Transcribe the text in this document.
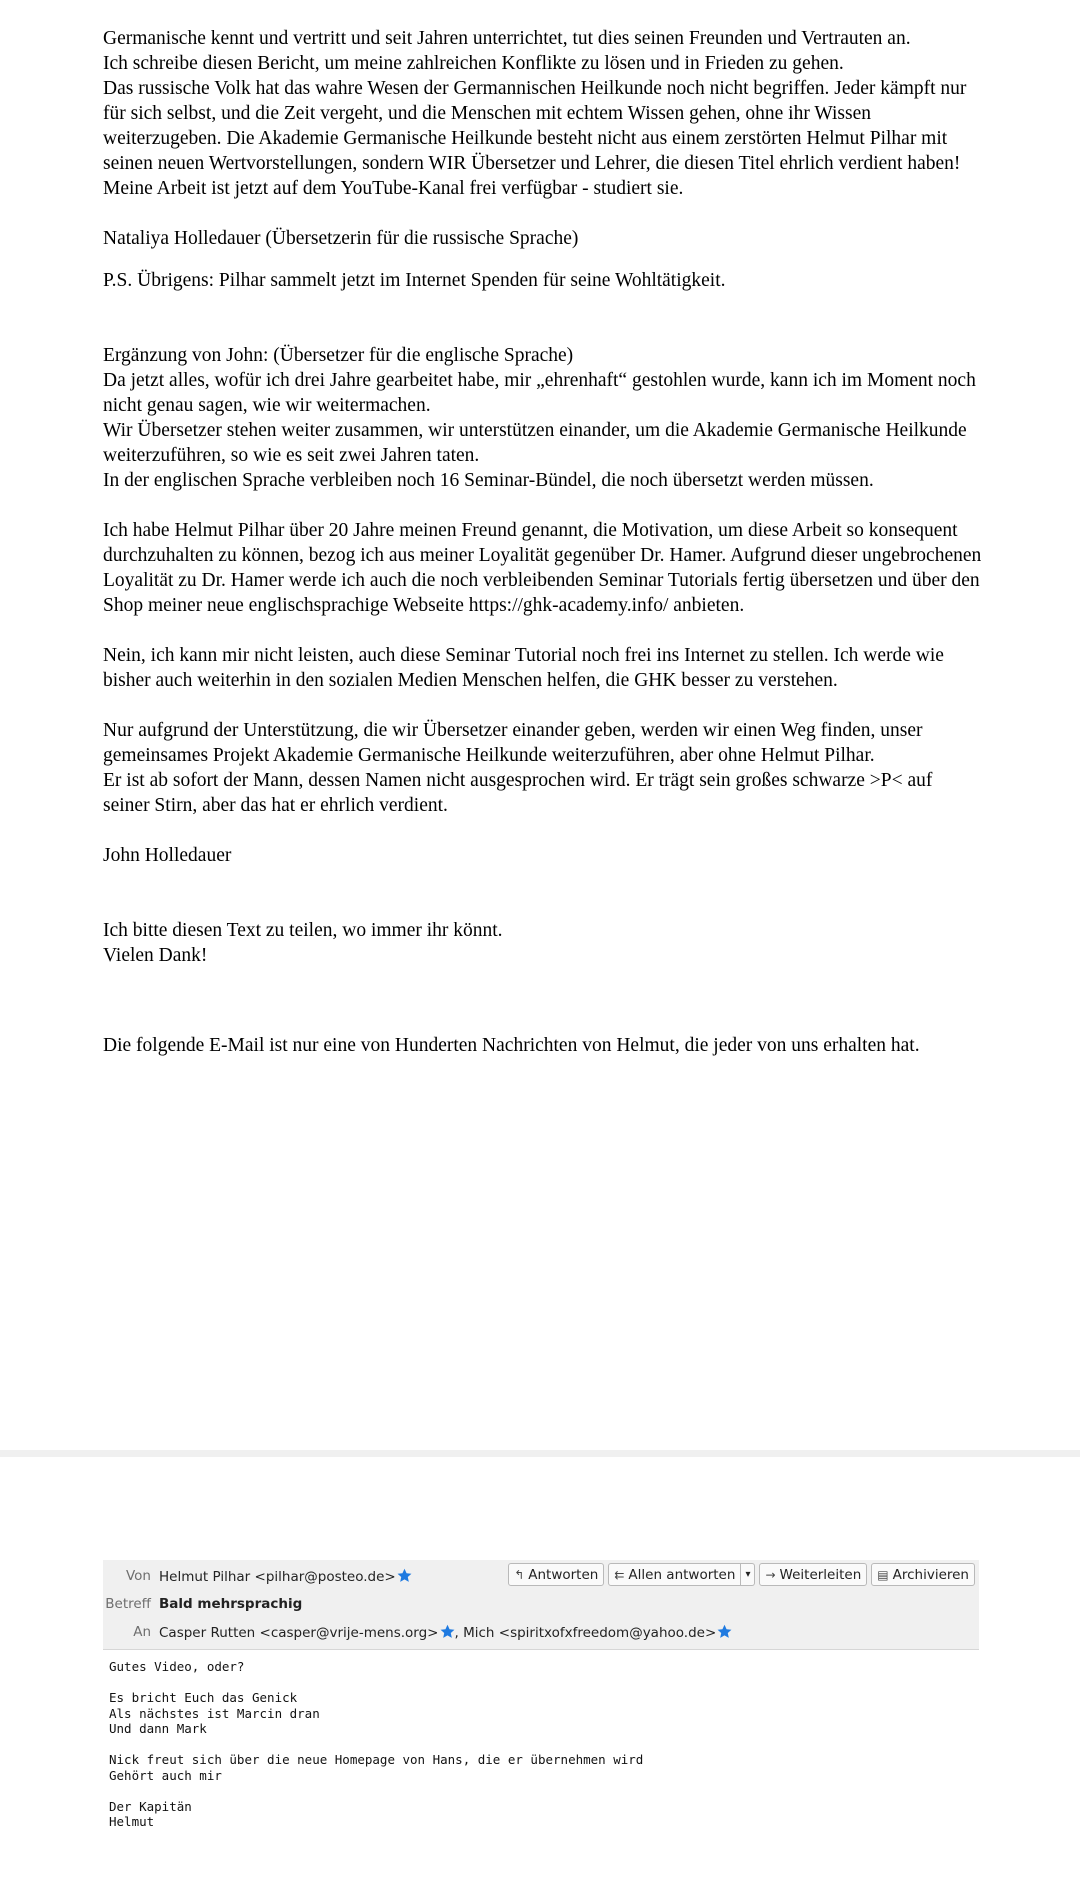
Germanische kennt und vertritt und seit Jahren unterrichtet, tut dies seinen Freunden und Vertrauten an.

Ich schreibe diesen Bericht, um meine zahlreichen Konflikte zu lösen und in Frieden zu gehen.

Das russische Volk hat das wahre Wesen der Germannischen Heilkunde noch nicht begriffen. Jeder kämpft nur für sich selbst, und die Zeit vergeht, und die Menschen mit echtem Wissen gehen, ohne ihr Wissen weiterzugeben. Die Akademie Germanische Heilkunde besteht nicht aus einem zerstörten Helmut Pilhar mit seinen neuen Wertvorstellungen, sondern WIR Übersetzer und Lehrer, die diesen Titel ehrlich verdient haben! Meine Arbeit ist jetzt auf dem YouTube-Kanal frei verfügbar - studiert sie.

Nataliya Holledauer (Übersetzerin für die russische Sprache)

P.S. Übrigens: Pilhar sammelt jetzt im Internet Spenden für seine Wohltätigkeit.

Ergänzung von John: (Übersetzer für die englische Sprache)

Da jetzt alles, wofür ich drei Jahre gearbeitet habe, mir „ehrenhaft“ gestohlen wurde, kann ich im Moment noch nicht genau sagen, wie wir weitermachen.

Wir Übersetzer stehen weiter zusammen, wir unterstützen einander, um die Akademie Germanische Heilkunde weiterzuführen, so wie es seit zwei Jahren taten.

In der englischen Sprache verbleiben noch 16 Seminar-Bündel, die noch übersetzt werden müssen.

Ich habe Helmut Pilhar über 20 Jahre meinen Freund genannt, die Motivation, um diese Arbeit so konsequent durchzuhalten zu können, bezog ich aus meiner Loyalität gegenüber Dr. Hamer. Aufgrund dieser ungebrochenen Loyalität zu Dr. Hamer werde ich auch die noch verbleibenden Seminar Tutorials fertig übersetzen und über den Shop meiner neue englischsprachige Webseite https://ghk-academy.info/ anbieten.

Nein, ich kann mir nicht leisten, auch diese Seminar Tutorial noch frei ins Internet zu stellen. Ich werde wie bisher auch weiterhin in den sozialen Medien Menschen helfen, die GHK besser zu verstehen.

Nur aufgrund der Unterstützung, die wir Übersetzer einander geben, werden wir einen Weg finden, unser gemeinsames Projekt Akademie Germanische Heilkunde weiterzuführen, aber ohne Helmut Pilhar.

Er ist ab sofort der Mann, dessen Namen nicht ausgesprochen wird. Er trägt sein großes schwarze >P< auf seiner Stirn, aber das hat er ehrlich verdient.

John Holledauer

Ich bitte diesen Text zu teilen, wo immer ihr könnt.

Vielen Dank!

Die folgende E-Mail ist nur eine von Hunderten Nachrichten von Helmut, die jeder von uns erhalten hat.

Von Helmut Pilhar <pilhar@posteo.de>
Betreff Bald mehrsprachig
An Casper Rutten <casper@vrije-mens.org> , Mich <spiritxofxfreedom@yahoo.de>
↰ Antworten ⇇ Allen antworten ▾ → Weiterleiten ▤ Archivieren
Gutes Video, oder?
Es bricht Euch das Genick
Als nächstes ist Marcin dran
Und dann Mark
Nick freut sich über die neue Homepage von Hans, die er übernehmen wird
Gehört auch mir
Der Kapitän
Helmut
